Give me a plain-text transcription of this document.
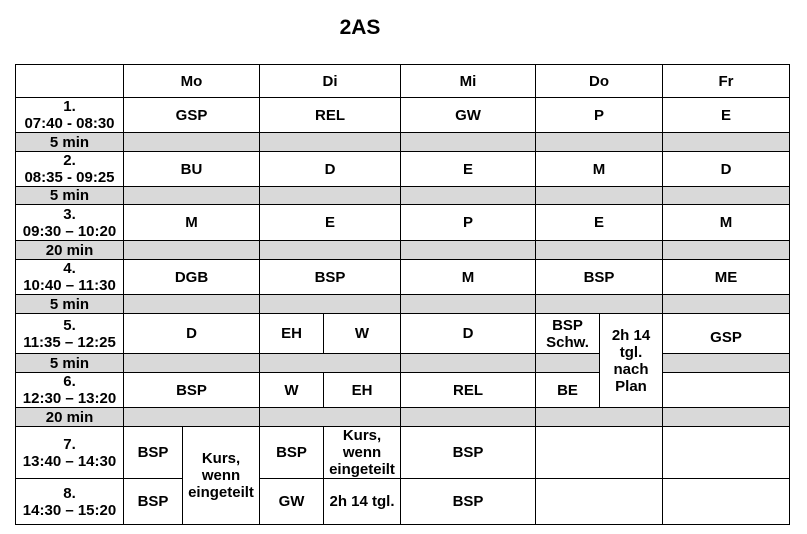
2AS
	Mo		Di		Mi	Do		Fr
1.
07:40 - 08:30	GSP		REL		GW	P		E
5 min								
2.
08:35 - 09:25	BU		D		E	M		D
5 min								
3.
09:30 – 10:20	M		E		P	E		M
20 min								
4.
10:40 – 11:30	DGB		BSP		M	BSP		ME
5 min								
5.
11:35 – 12:25	D		EH	W	D	BSP Schw.	2h 14 tgl. nach Plan	GSP
5 min								
6.
12:30 – 13:20	BSP		W	EH	REL	BE		
20 min								
7.
13:40 – 14:30	BSP	Kurs, wenn eingeteilt	BSP	Kurs, wenn eingeteilt	BSP			
8.
14:30 – 15:20	BSP		GW	2h 14 tgl.	BSP			
